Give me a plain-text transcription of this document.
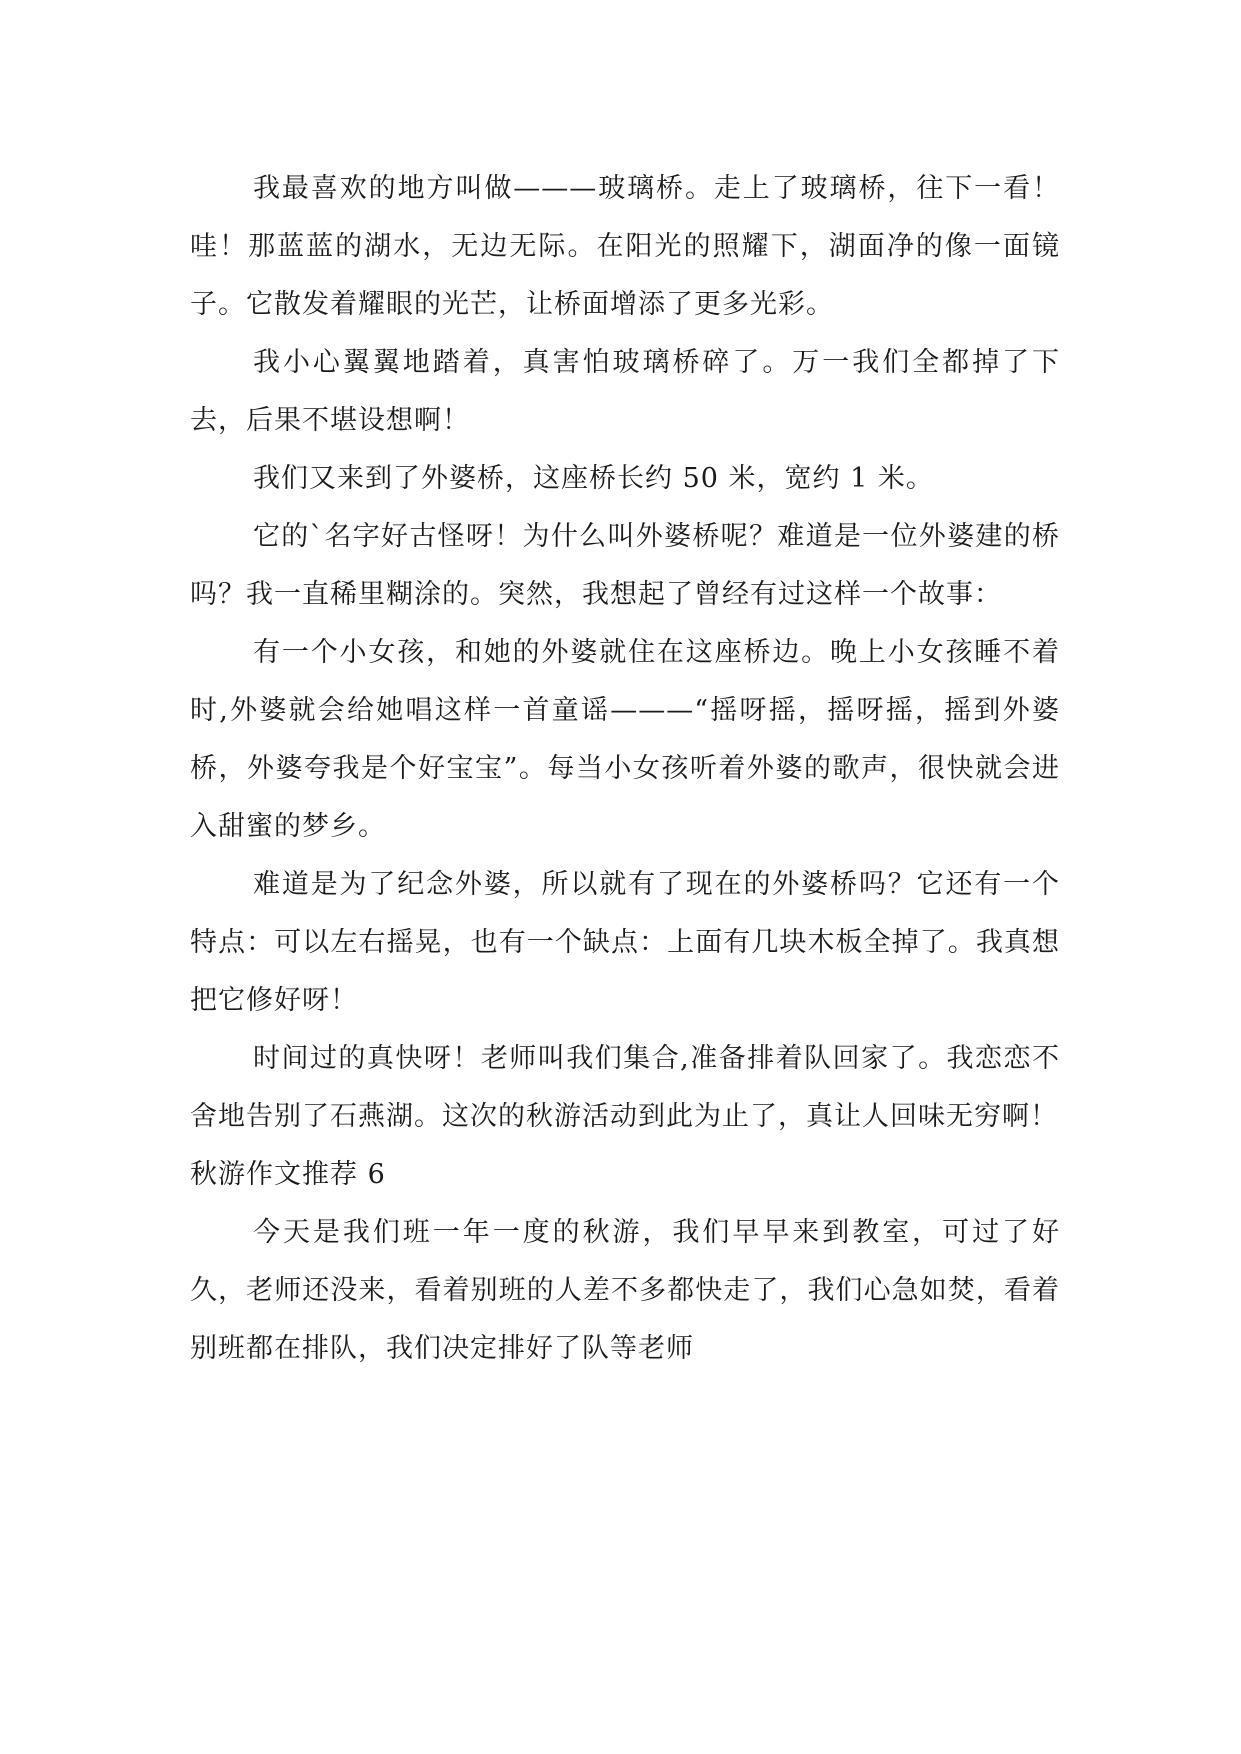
我最喜欢的地方叫做———玻璃桥。走上了玻璃桥，往下一看！哇！那蓝蓝的湖水，无边无际。在阳光的照耀下，湖面净的像一面镜子。它散发着耀眼的光芒，让桥面增添了更多光彩。

我小心翼翼地踏着，真害怕玻璃桥碎了。万一我们全都掉了下去，后果不堪设想啊！

我们又来到了外婆桥，这座桥长约 50 米，宽约 1 米。

它的`名字好古怪呀！为什么叫外婆桥呢？难道是一位外婆建的桥吗？我一直稀里糊涂的。突然，我想起了曾经有过这样一个故事：

有一个小女孩，和她的外婆就住在这座桥边。晚上小女孩睡不着时,外婆就会给她唱这样一首童谣———“摇呀摇，摇呀摇，摇到外婆桥，外婆夸我是个好宝宝”。每当小女孩听着外婆的歌声，很快就会进入甜蜜的梦乡。

难道是为了纪念外婆，所以就有了现在的外婆桥吗？它还有一个特点：可以左右摇晃，也有一个缺点：上面有几块木板全掉了。我真想把它修好呀！

时间过的真快呀！老师叫我们集合,准备排着队回家了。我恋恋不舍地告别了石燕湖。这次的秋游活动到此为止了，真让人回味无穷啊！

秋游作文推荐 6

今天是我们班一年一度的秋游，我们早早来到教室，可过了好久，老师还没来，看着别班的人差不多都快走了，我们心急如焚，看着别班都在排队，我们决定排好了队等老师
